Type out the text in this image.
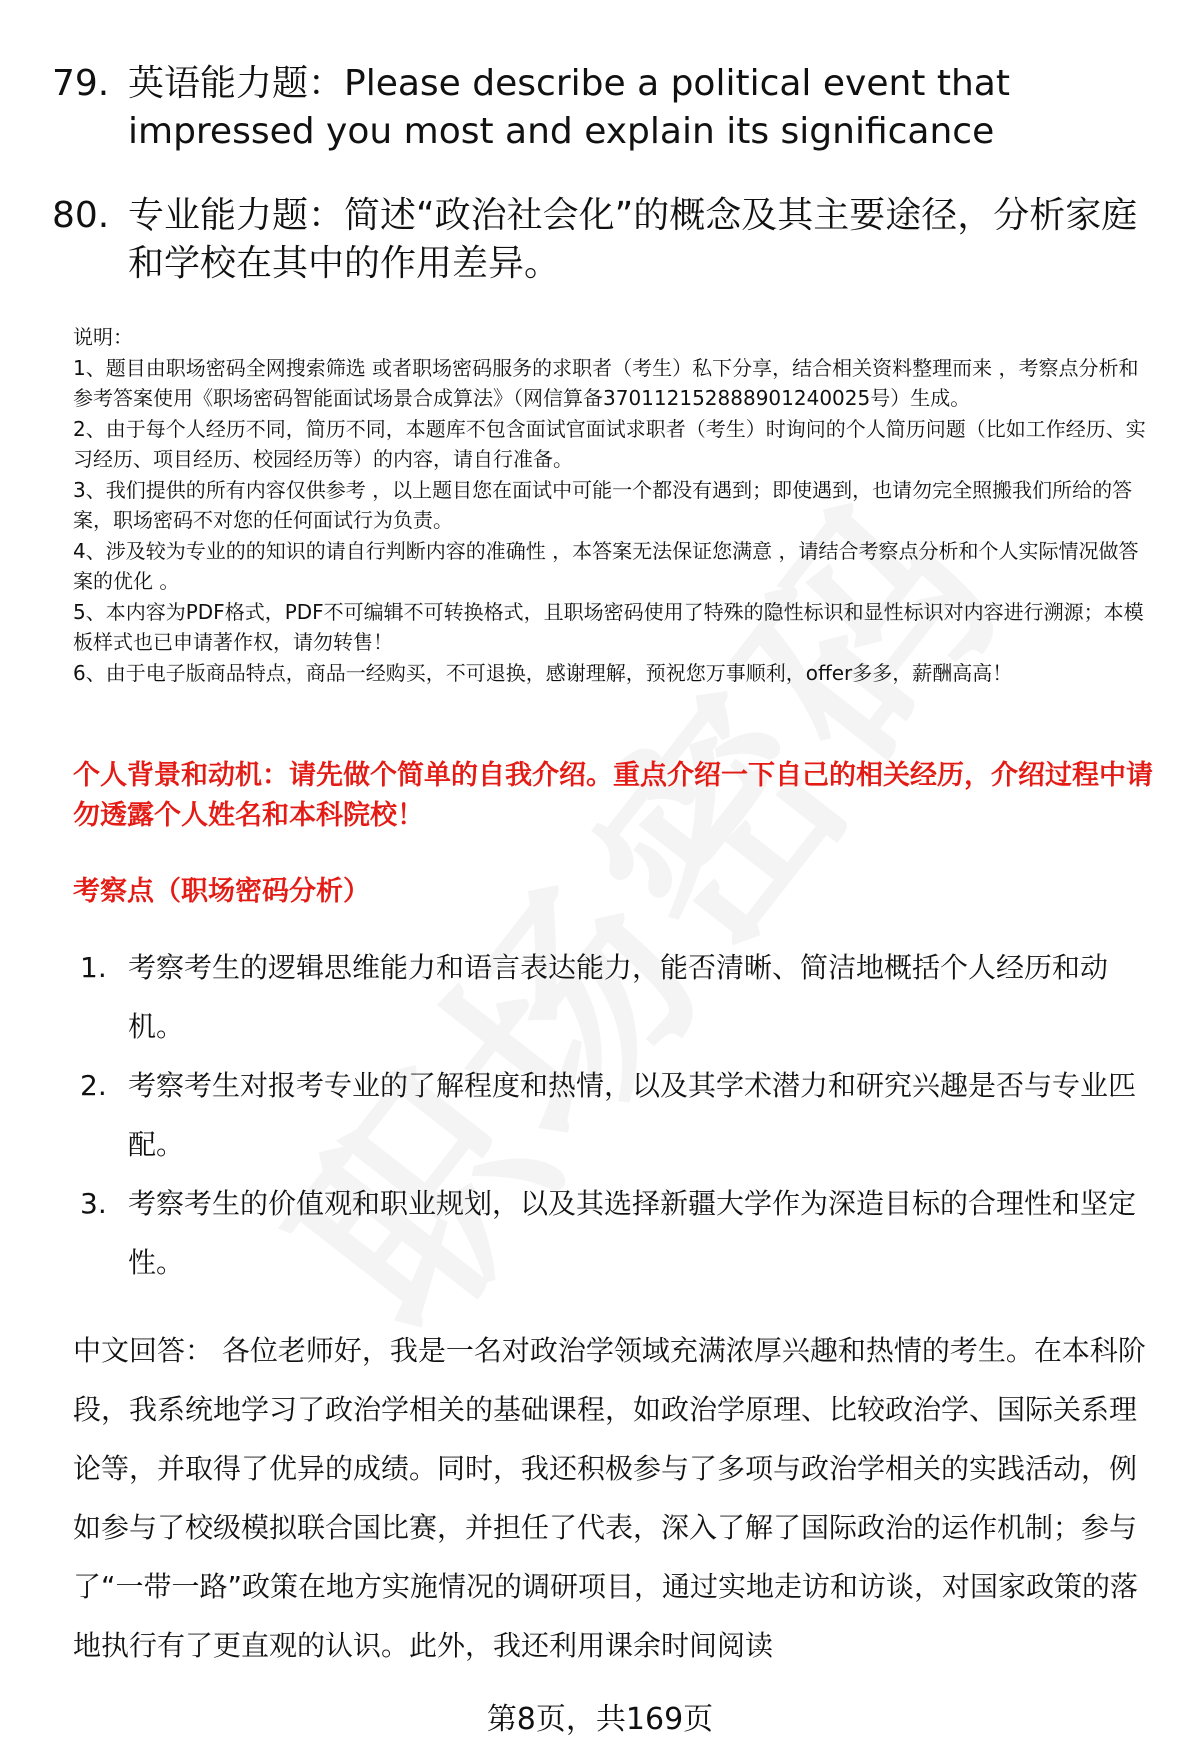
79. 英语能力题：Please describe a political event that impressed you most and explain its significance
80. 专业能力题：简述“政治社会化”的概念及其主要途径，分析家庭和学校在其中的作用差异。

说明：

1、题目由职场密码全网搜索筛选 或者职场密码服务的求职者（考生）私下分享，结合相关资料整理而来 ，考察点分析和参考答案使用《职场密码智能面试场景合成算法》（网信算备370112152888901240025号）生成。

2、由于每个人经历不同，简历不同，本题库不包含面试官面试求职者（考生）时询问的个人简历问题（比如工作经历、实习经历、项目经历、校园经历等）的内容，请自行准备。

3、我们提供的所有内容仅供参考 ，以上题目您在面试中可能一个都没有遇到；即使遇到，也请勿完全照搬我们所给的答案，职场密码不对您的任何面试行为负责。

4、涉及较为专业的的知识的请自行判断内容的准确性 ，本答案无法保证您满意 ，请结合考察点分析和个人实际情况做答案的优化 。

5、本内容为PDF格式，PDF不可编辑不可转换格式，且职场密码使用了特殊的隐性标识和显性标识对内容进行溯源；本模板样式也已申请著作权，请勿转售！

6、由于电子版商品特点，商品一经购买，不可退换，感谢理解，预祝您万事顺利，offer多多，薪酬高高！

个人背景和动机：请先做个简单的自我介绍。重点介绍一下自己的相关经历，介绍过程中请勿透露个人姓名和本科院校！
考察点（职场密码分析）
1. 考察考生的逻辑思维能力和语言表达能力，能否清晰、简洁地概括个人经历和动机。
2. 考察考生对报考专业的了解程度和热情，以及其学术潜力和研究兴趣是否与专业匹配。
3. 考察考生的价值观和职业规划，以及其选择新疆大学作为深造目标的合理性和坚定性。

中文回答： 各位老师好，我是一名对政治学领域充满浓厚兴趣和热情的考生。在本科阶段，我系统地学习了政治学相关的基础课程，如政治学原理、比较政治学、国际关系理论等，并取得了优异的成绩。同时，我还积极参与了多项与政治学相关的实践活动，例如参与了校级模拟联合国比赛，并担任了代表，深入了解了国际政治的运作机制；参与了“一带一路”政策在地方实施情况的调研项目，通过实地走访和访谈，对国家政策的落地执行有了更直观的认识。此外，我还利用课余时间阅读

第8页，共169页
